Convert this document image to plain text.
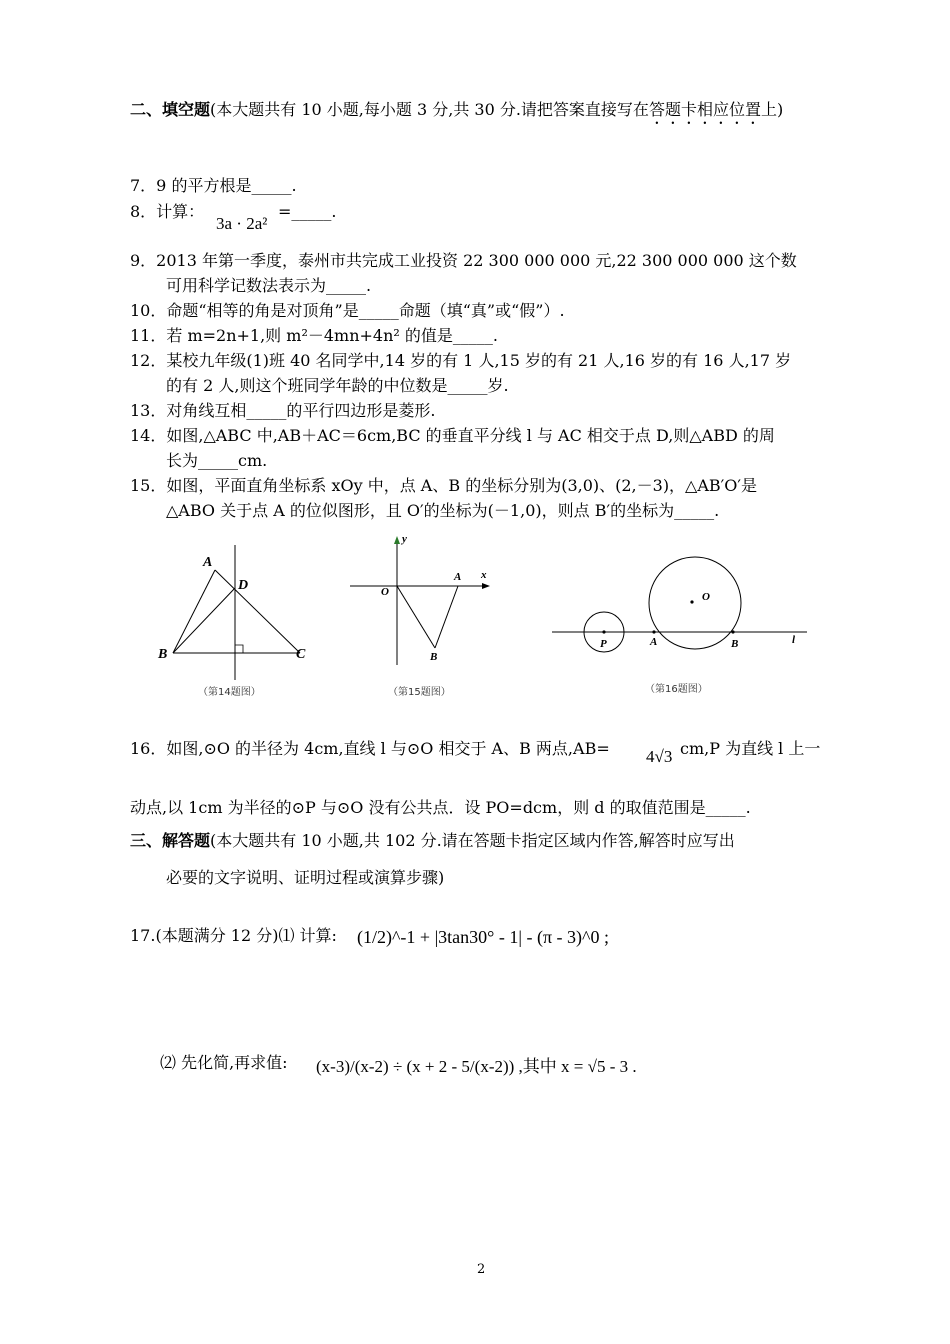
二、填空题(本大题共有 10 小题,每小题 3 分,共 30 分.请把答案直接写在答题卡相应位置上)
7．9 的平方根是_____.
8．计算：
3a · 2a²
=_____.
9．2013 年第一季度，泰州市共完成工业投资 22 300 000 000 元,22 300 000 000 这个数
可用科学记数法表示为_____.
10．命题“相等的角是对顶角”是_____命题（填“真”或“假”）.
11．若 m=2n+1,则 m²－4mn+4n² 的值是_____.
12．某校九年级(1)班 40 名同学中,14 岁的有 1 人,15 岁的有 21 人,16 岁的有 16 人,17 岁
的有 2 人,则这个班同学年龄的中位数是_____岁.
13．对角线互相_____的平行四边形是菱形.
14．如图,△ABC 中,AB＋AC＝6cm,BC 的垂直平分线 l 与 AC 相交于点 D,则△ABD 的周
长为_____cm.
15．如图，平面直角坐标系 xOy 中，点 A、B 的坐标分别为(3,0)、(2,－3)，△AB′O′是
△ABO 关于点 A 的位似图形，且 O′的坐标为(－1,0)，则点 B′的坐标为_____.
A
D
B	C
（第14题图）
y
x
O
A
B
（第15题图）
O
P	A	B	l
（第16题图）
16．如图,⊙O 的半径为 4cm,直线 l 与⊙O 相交于 A、B 两点,AB= 4√3 cm,P 为直线 l 上一
动点,以 1cm 为半径的⊙P 与⊙O 没有公共点．设 PO=dcm，则 d 的取值范围是_____.
三、解答题(本大题共有 10 小题,共 102 分.请在答题卡指定区域内作答,解答时应写出
必要的文字说明、证明过程或演算步骤)
17.(本题满分 12 分)⑴ 计算: (1/2)^-1 + |3tan30° - 1| - (π - 3)^0 ;
⑵ 先化简,再求值: (x-3)/(x-2) ÷ (x + 2 - 5/(x-2)) ,其中 x = √5 - 3 .
2
